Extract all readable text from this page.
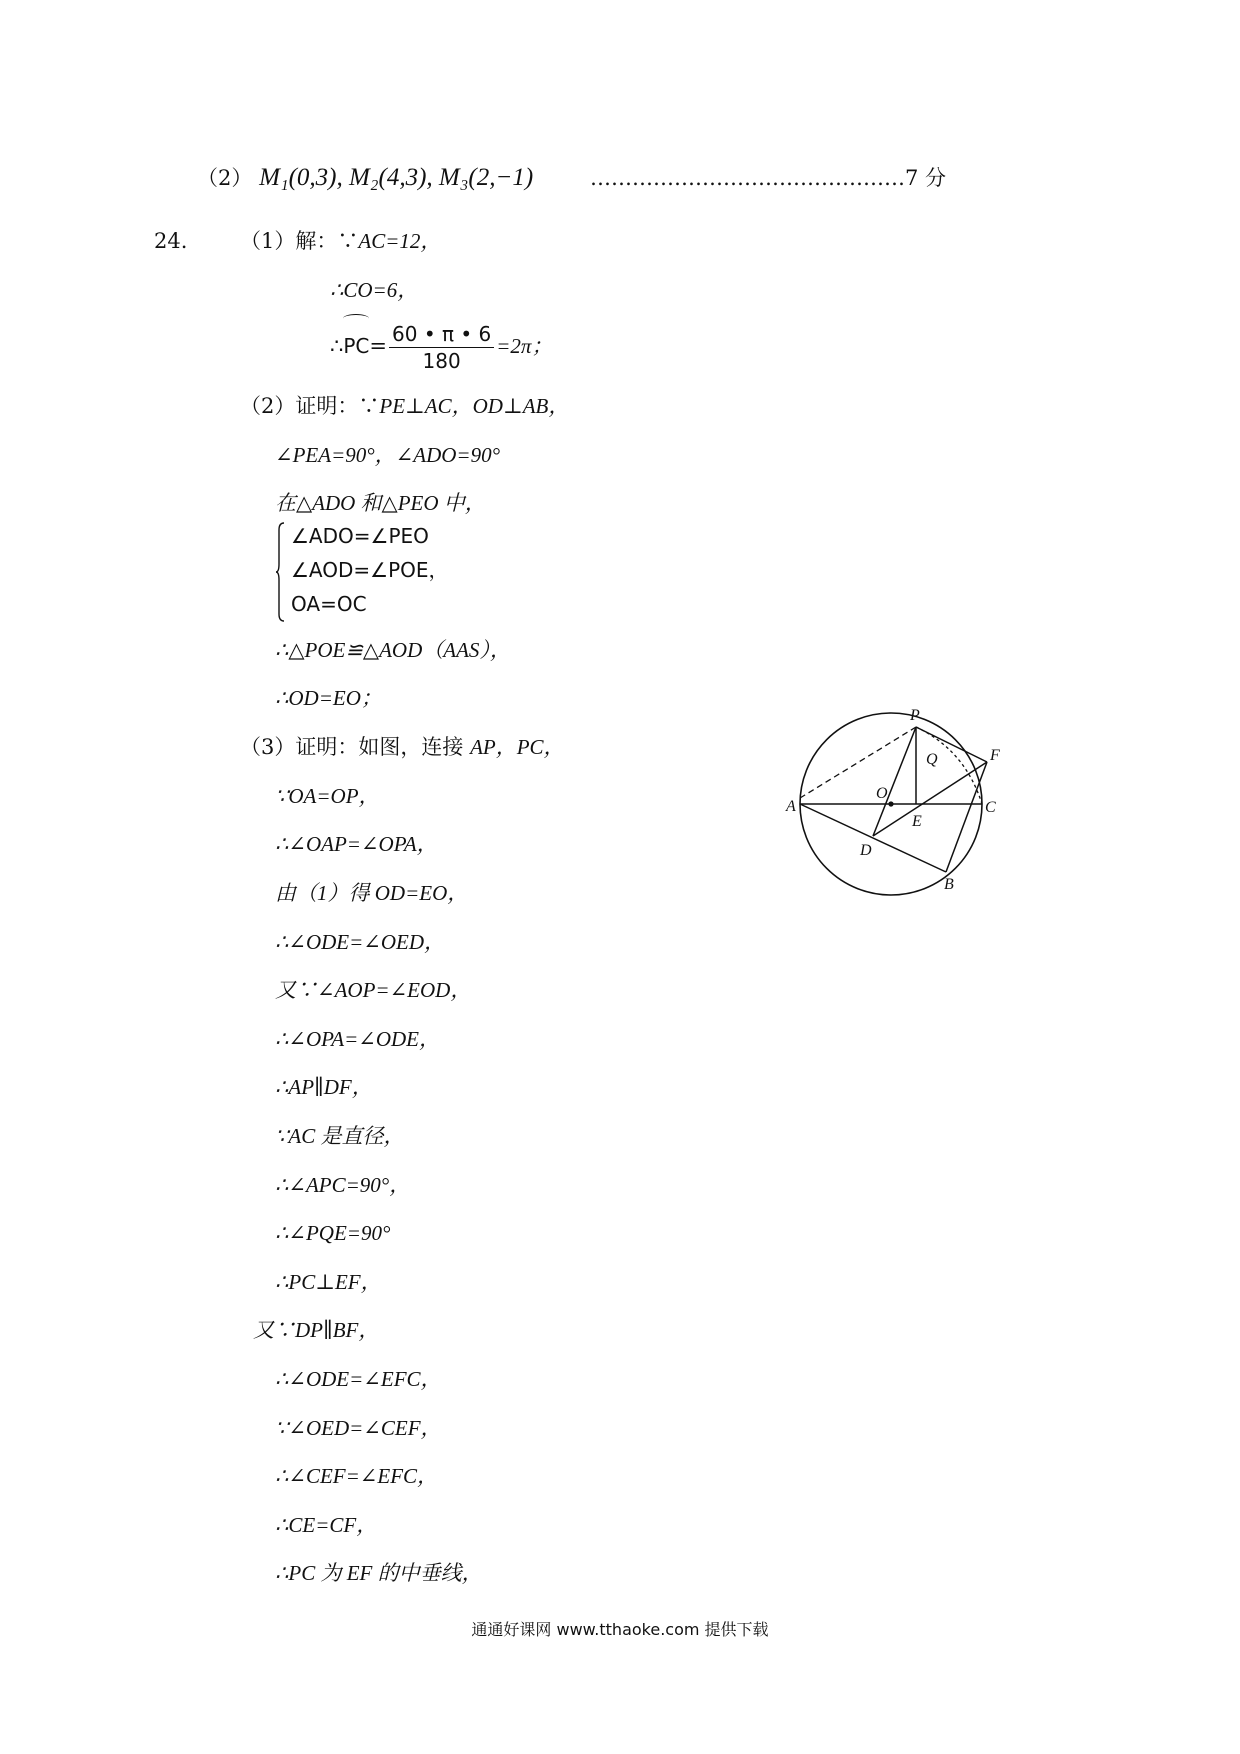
（2） M₁(0,3), M₂(4,3), M₃(2,−1)	………………………………………7 分
24.	（1）解：∵AC=12，
∴CO=6，
∴PC= $\frac{60 • \pi • 6}{180} =2\pi$；
（2）证明：∵PE⊥AC，OD⊥AB，
∠PEA=90°，∠ADO=90°
在△ADO 和△PEO 中，
∠ADO=∠PEO
∠AOD=∠POE，
OA=OC
∴△POE≌△AOD（AAS），
∴OD=EO；
（3）证明：如图，连接 AP，PC，
∵OA=OP，
∴∠OAP=∠OPA，
由（1）得 OD=EO，
∴∠ODE=∠OED，
又∵∠AOP=∠EOD，
∴∠OPA=∠ODE，
∴AP∥DF，
∵AC 是直径，
∴∠APC=90°，
∴∠PQE=90°
∴PC⊥EF，
又∵DP∥BF，
∴∠ODE=∠EFC，
∵∠OED=∠CEF，
∴∠CEF=∠EFC，
∴CE=CF，
∴PC 为 EF 的中垂线，
P
F
Q
O
A
E
C
D
B
通通好课网 www.tthaoke.com 提供下载
